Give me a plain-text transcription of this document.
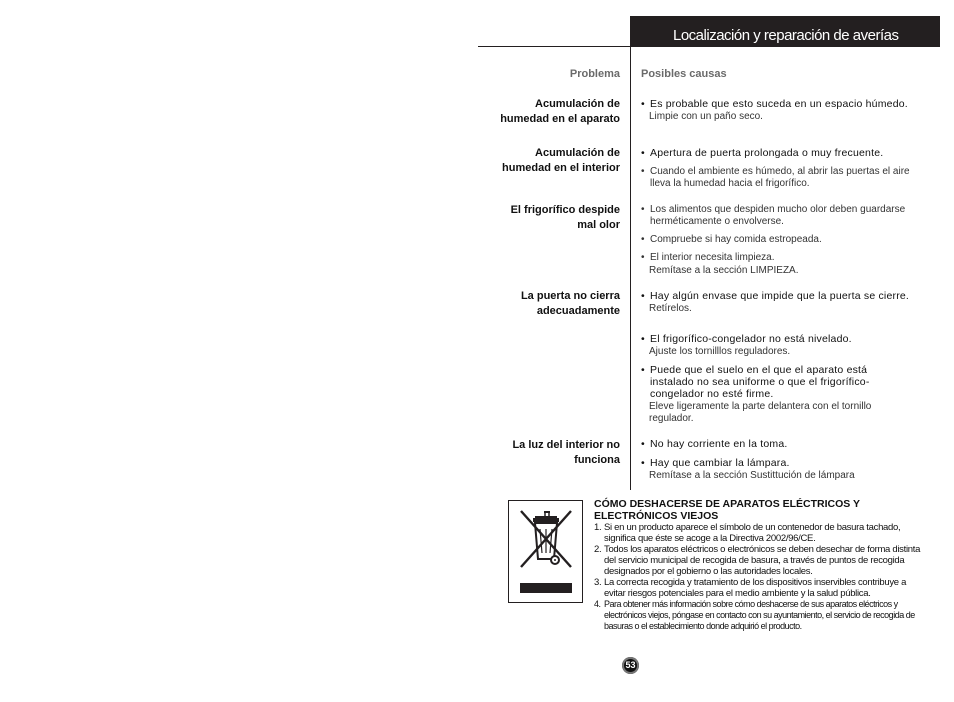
Localización y reparación de averías
Problema Posibles causas
Acumulación de humedad en el aparato
• Es probable que esto suceda en un espacio húmedo.
Limpie con un paño seco.
Acumulación de humedad en el interior
• Apertura de puerta prolongada o muy frecuente.
• Cuando el ambiente es húmedo, al abrir las puertas el aire lleva la humedad hacia el frigorífico.
El frigorífico despide mal olor
• Los alimentos que despiden mucho olor deben guardarse herméticamente o envolverse.
• Compruebe si hay comida estropeada.
• El interior necesita limpieza.
Remítase a la sección LIMPIEZA.
La puerta no cierra adecuadamente
• Hay algún envase que impide que la puerta se cierre.
Retírelos.
• El frigorífico-congelador no está nivelado.
Ajuste los tornilllos reguladores.
• Puede que el suelo en el que el aparato está instalado no sea uniforme o que el frigorífico-congelador no esté firme.
Eleve ligeramente la parte delantera con el tornillo regulador.
La luz del interior no funciona
• No hay corriente en la toma.
• Hay que cambiar la lámpara.
Remítase a la sección Sustittución de lámpara
CÓMO DESHACERSE DE APARATOS ELÉCTRICOS Y ELECTRÓNICOS VIEJOS
1. Si en un producto aparece el símbolo de un contenedor de basura tachado, significa que éste se acoge a la Directiva 2002/96/CE.
2. Todos los aparatos eléctricos o electrónicos se deben desechar de forma distinta del servicio municipal de recogida de basura, a través de puntos de recogida designados por el gobierno o las autoridades locales.
3. La correcta recogida y tratamiento de los dispositivos inservibles contribuye a evitar riesgos potenciales para el medio ambiente y la salud pública.
4. Para obtener más información sobre cómo deshacerse de sus aparatos eléctricos y electrónicos viejos, póngase en contacto con su ayuntamiento, el servicio de recogida de basuras o el establecimiento donde adquirió el producto.
53
